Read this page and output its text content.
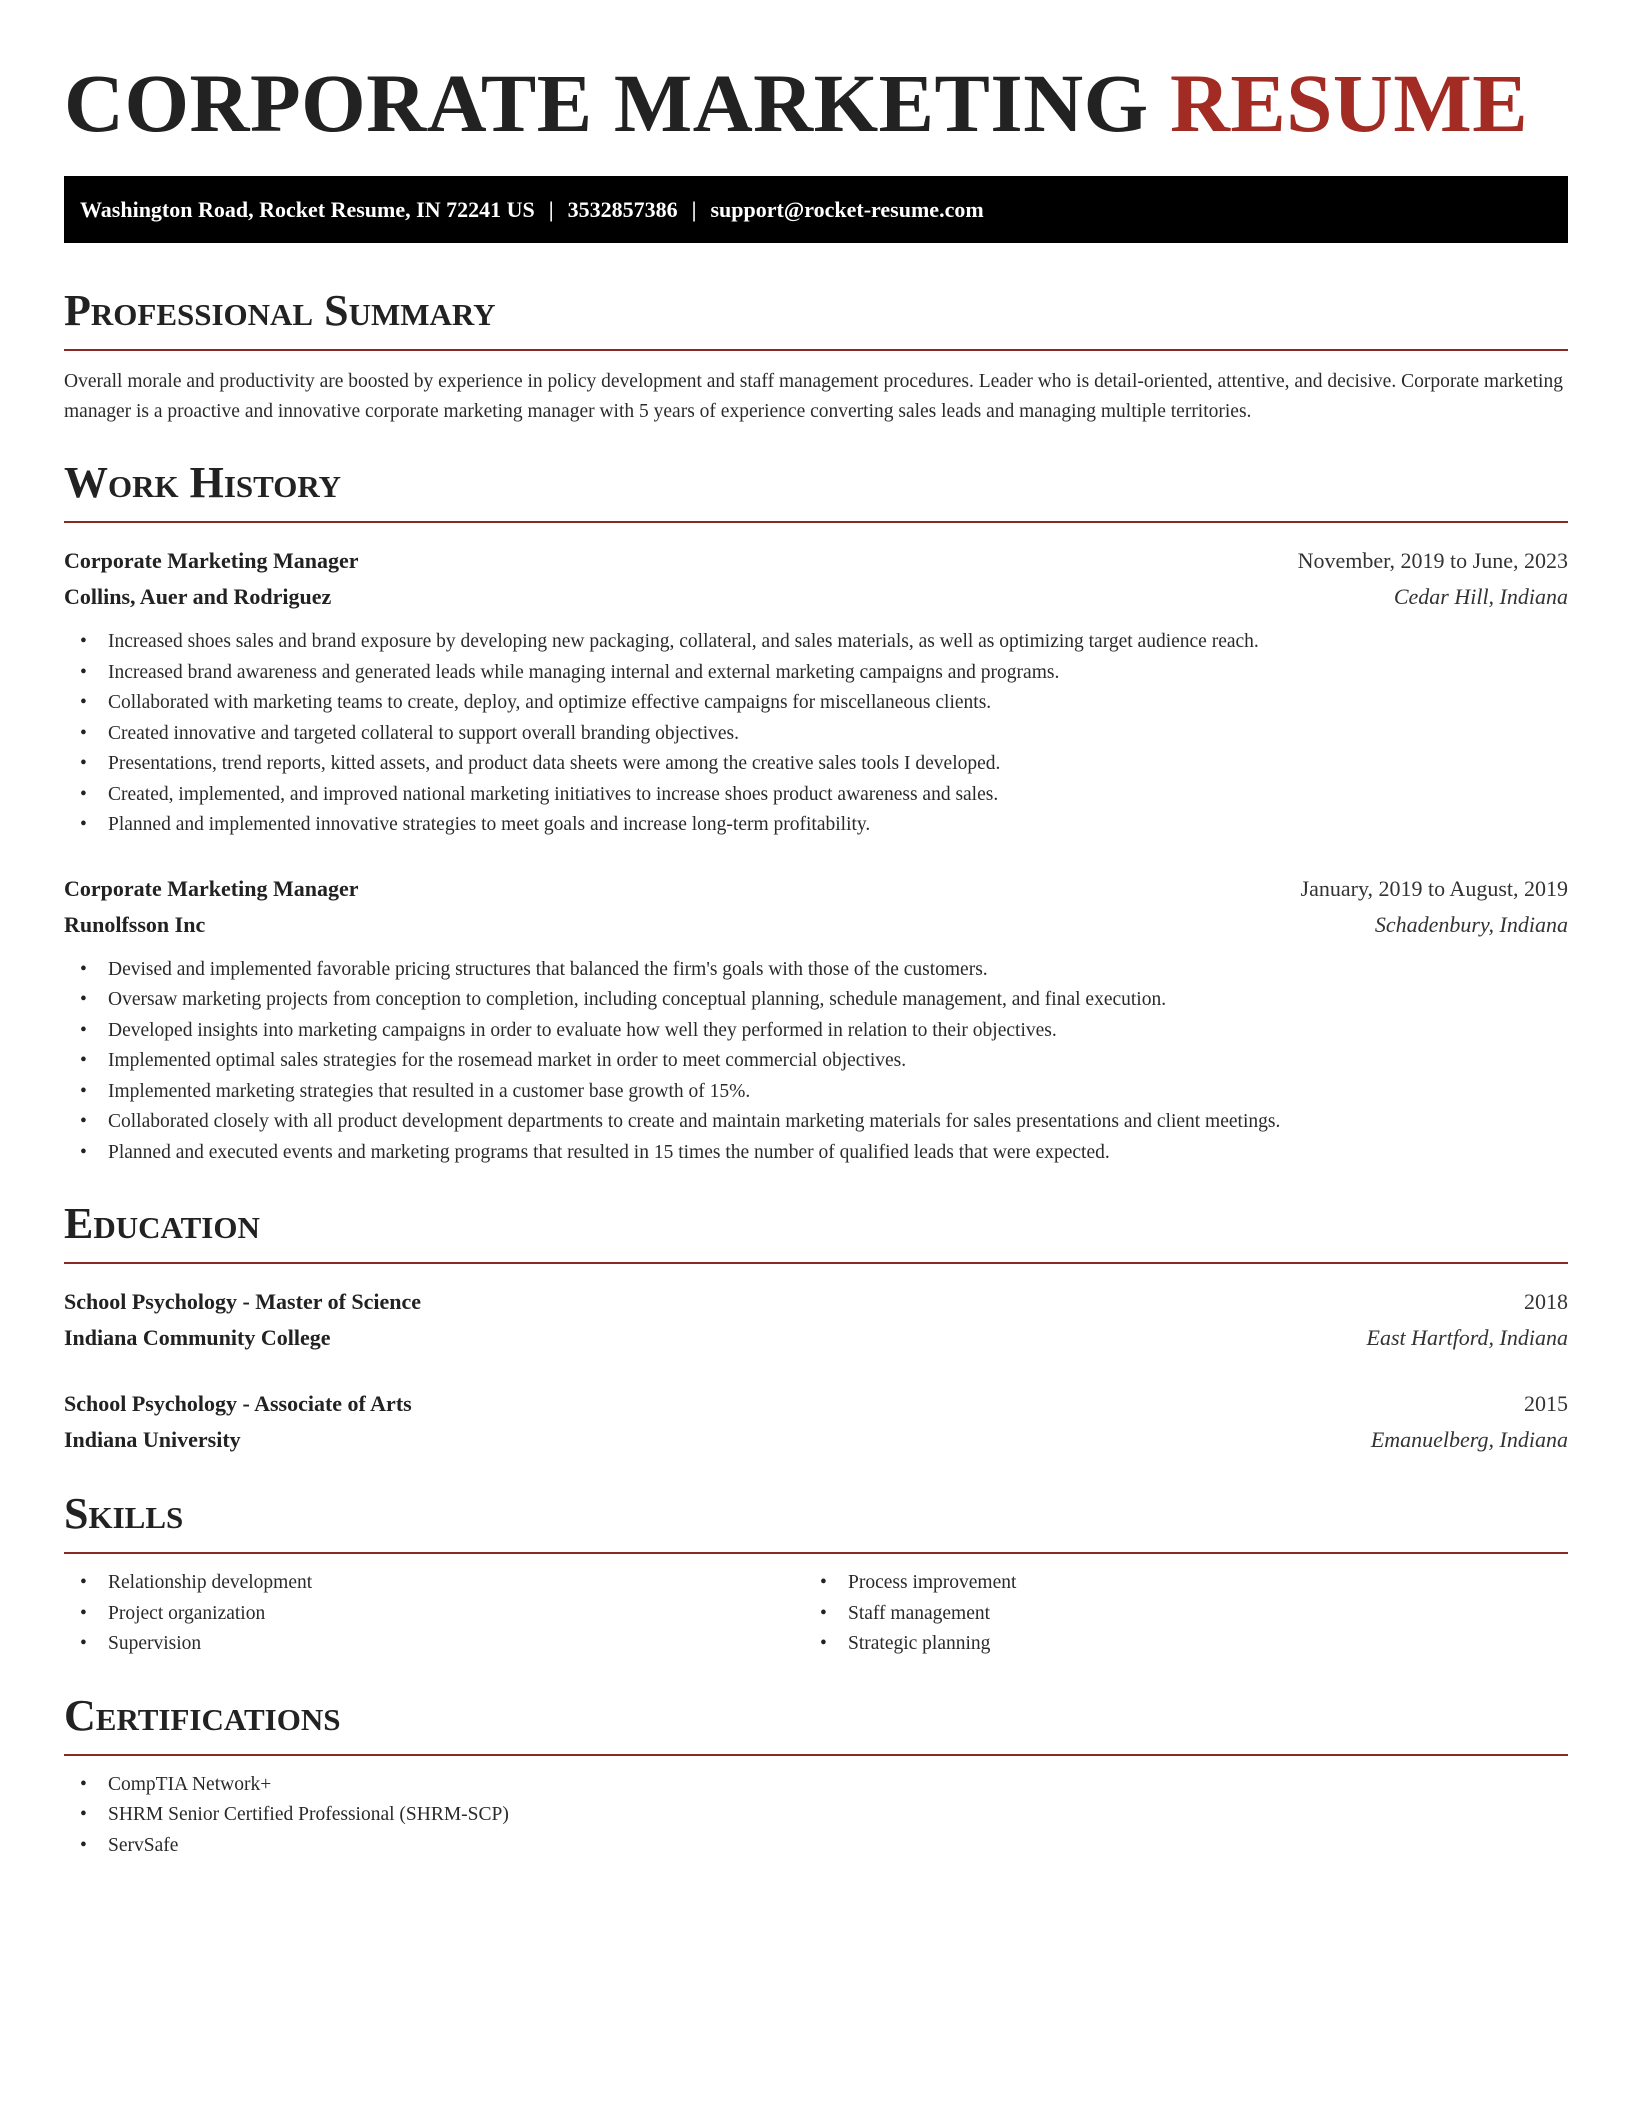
CORPORATE MARKETING RESUME
Washington Road, Rocket Resume, IN 72241 US | 3532857386 | support@rocket-resume.com
Professional Summary

Overall morale and productivity are boosted by experience in policy development and staff management procedures. Leader who is detail-oriented, attentive, and decisive. Corporate marketing manager is a proactive and innovative corporate marketing manager with 5 years of experience converting sales leads and managing multiple territories.

Work History
Corporate Marketing Manager	November, 2019 to June, 2023
Collins, Auer and Rodriguez	Cedar Hill, Indiana
• Increased shoes sales and brand exposure by developing new packaging, collateral, and sales materials, as well as optimizing target audience reach.
• Increased brand awareness and generated leads while managing internal and external marketing campaigns and programs.
• Collaborated with marketing teams to create, deploy, and optimize effective campaigns for miscellaneous clients.
• Created innovative and targeted collateral to support overall branding objectives.
• Presentations, trend reports, kitted assets, and product data sheets were among the creative sales tools I developed.
• Created, implemented, and improved national marketing initiatives to increase shoes product awareness and sales.
• Planned and implemented innovative strategies to meet goals and increase long-term profitability.
Corporate Marketing Manager	January, 2019 to August, 2019
Runolfsson Inc	Schadenbury, Indiana
• Devised and implemented favorable pricing structures that balanced the firm's goals with those of the customers.
• Oversaw marketing projects from conception to completion, including conceptual planning, schedule management, and final execution.
• Developed insights into marketing campaigns in order to evaluate how well they performed in relation to their objectives.
• Implemented optimal sales strategies for the rosemead market in order to meet commercial objectives.
• Implemented marketing strategies that resulted in a customer base growth of 15%.
• Collaborated closely with all product development departments to create and maintain marketing materials for sales presentations and client meetings.
• Planned and executed events and marketing programs that resulted in 15 times the number of qualified leads that were expected.
Education
School Psychology - Master of Science	2018
Indiana Community College	East Hartford, Indiana
School Psychology - Associate of Arts	2015
Indiana University	Emanuelberg, Indiana
Skills
• Relationship development
• Project organization
• Supervision
• Process improvement
• Staff management
• Strategic planning
Certifications
• CompTIA Network+
• SHRM Senior Certified Professional (SHRM-SCP)
• ServSafe
